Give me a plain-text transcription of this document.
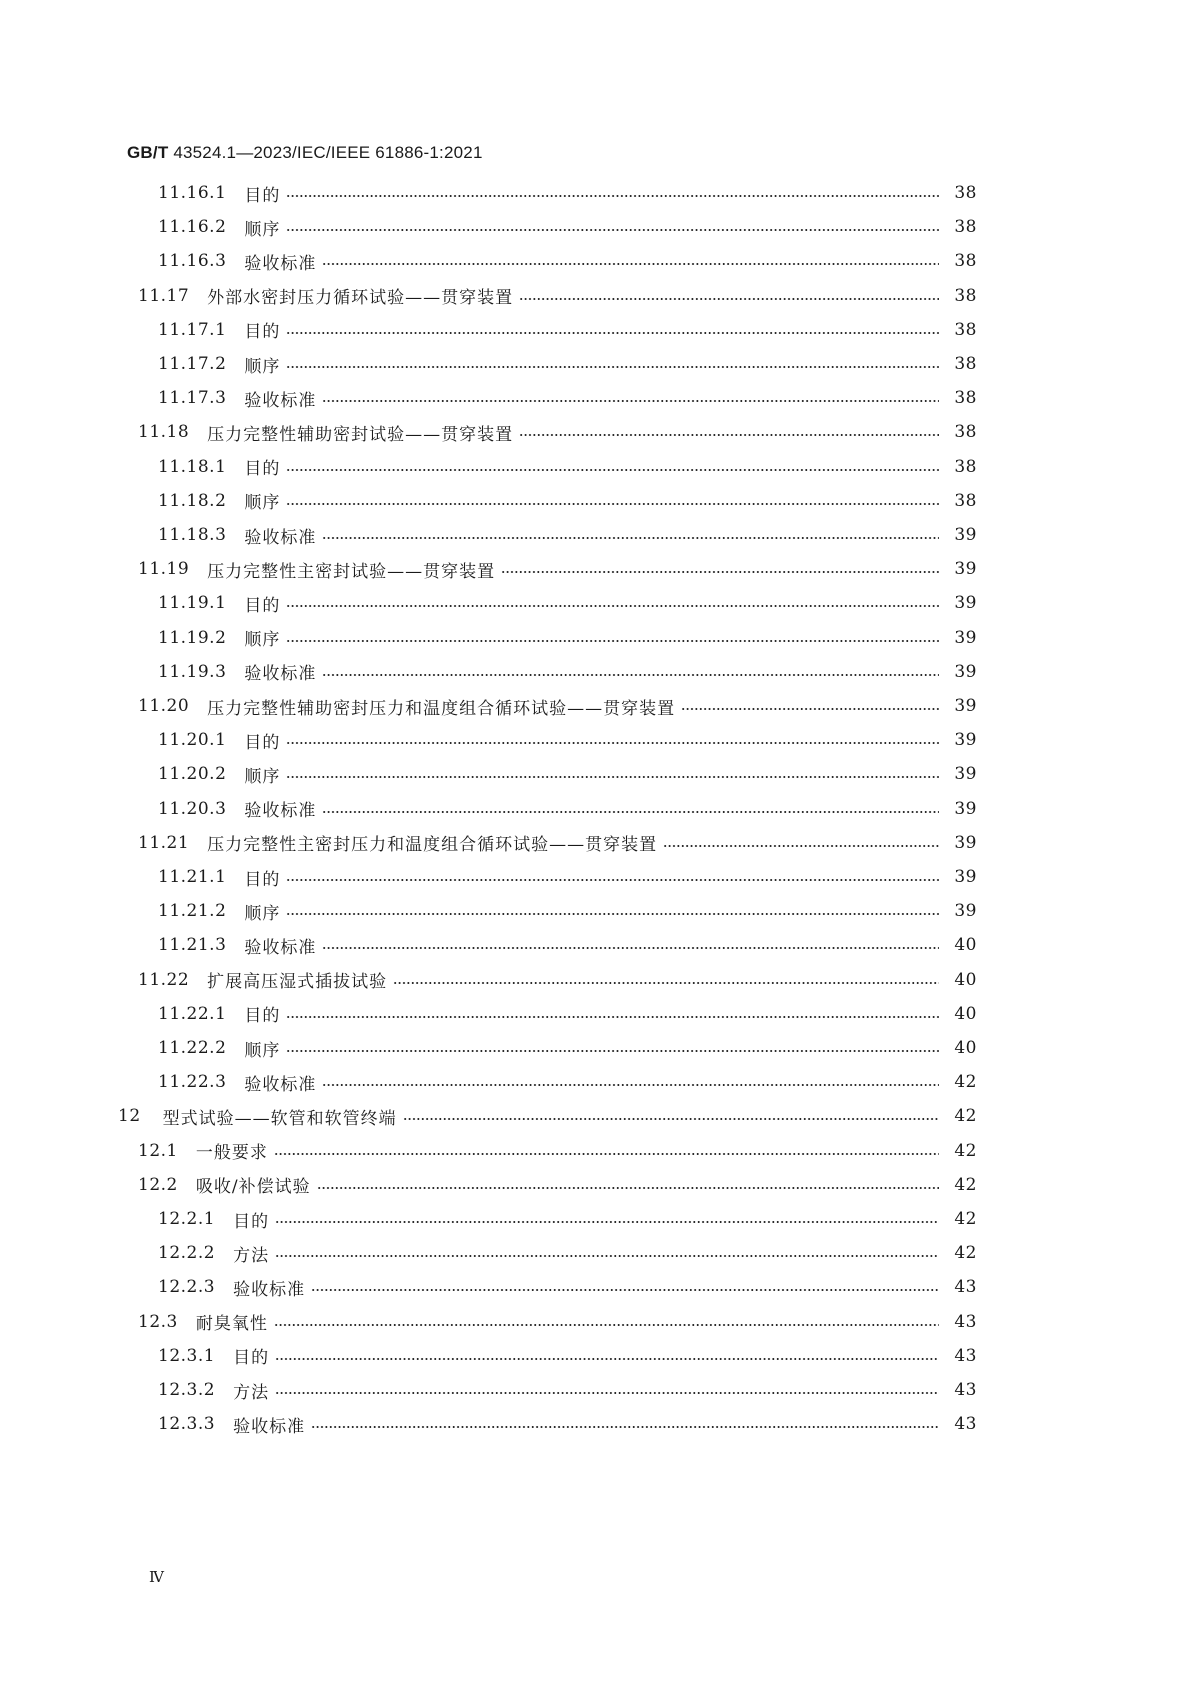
GB/T 43524.1—2023/IEC/IEEE 61886-1:2021
11.16.1 目的	38
11.16.2 顺序	38
11.16.3 验收标准	38
11.17 外部水密封压力循环试验——贯穿装置	38
11.17.1 目的	38
11.17.2 顺序	38
11.17.3 验收标准	38
11.18 压力完整性辅助密封试验——贯穿装置	38
11.18.1 目的	38
11.18.2 顺序	38
11.18.3 验收标准	39
11.19 压力完整性主密封试验——贯穿装置	39
11.19.1 目的	39
11.19.2 顺序	39
11.19.3 验收标准	39
11.20 压力完整性辅助密封压力和温度组合循环试验——贯穿装置	39
11.20.1 目的	39
11.20.2 顺序	39
11.20.3 验收标准	39
11.21 压力完整性主密封压力和温度组合循环试验——贯穿装置	39
11.21.1 目的	39
11.21.2 顺序	39
11.21.3 验收标准	40
11.22 扩展高压湿式插拔试验	40
11.22.1 目的	40
11.22.2 顺序	40
11.22.3 验收标准	42
12 型式试验——软管和软管终端	42
12.1 一般要求	42
12.2 吸收/补偿试验	42
12.2.1 目的	42
12.2.2 方法	42
12.2.3 验收标准	43
12.3 耐臭氧性	43
12.3.1 目的	43
12.3.2 方法	43
12.3.3 验收标准	43
Ⅳ
